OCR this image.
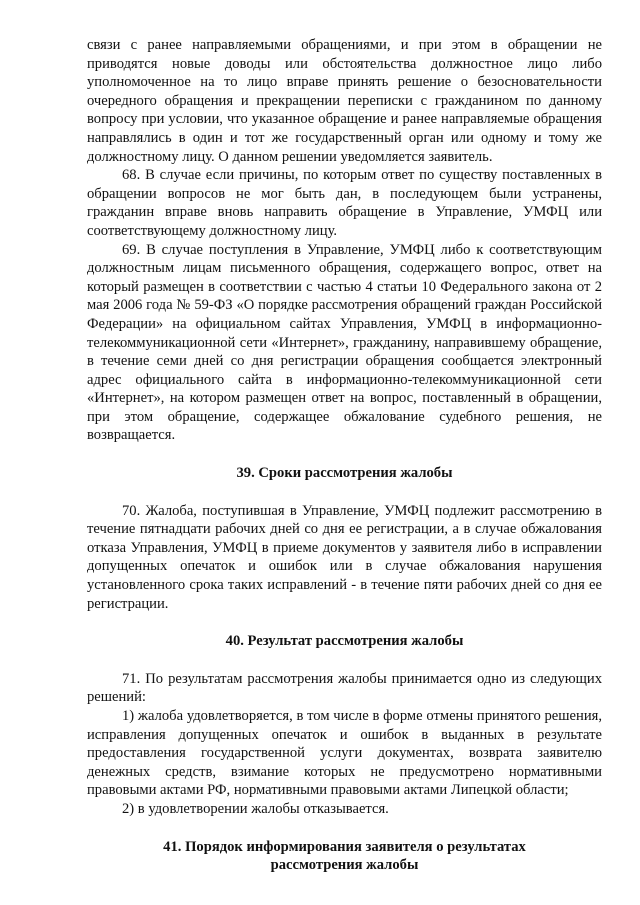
связи с ранее направляемыми обращениями, и при этом в обращении не приводятся новые доводы или обстоятельства должностное лицо либо уполномоченное на то лицо вправе принять решение о безосновательности очередного обращения и прекращении переписки с гражданином по данному вопросу при условии, что указанное обращение и ранее направляемые обращения направлялись в один и тот же государственный орган или одному и тому же должностному лицу. О данном решении уведомляется заявитель.

68. В случае если причины, по которым ответ по существу поставленных в обращении вопросов не мог быть дан, в последующем были устранены, гражданин вправе вновь направить обращение в Управление, УМФЦ или соответствующему должностному лицу.

69. В случае поступления в Управление, УМФЦ либо к соответствующим должностным лицам письменного обращения, содержащего вопрос, ответ на который размещен в соответствии с частью 4 статьи 10 Федерального закона от 2 мая 2006 года № 59-ФЗ «О порядке рассмотрения обращений граждан Российской Федерации» на официальном сайтах Управления, УМФЦ в информационно-телекоммуникационной сети «Интернет», гражданину, направившему обращение, в течение семи дней со дня регистрации обращения сообщается электронный адрес официального сайта в информационно-телекоммуникационной сети «Интернет», на котором размещен ответ на вопрос, поставленный в обращении, при этом обращение, содержащее обжалование судебного решения, не возвращается.

39. Сроки рассмотрения жалобы

70. Жалоба, поступившая в Управление, УМФЦ подлежит рассмотрению в течение пятнадцати рабочих дней со дня ее регистрации, а в случае обжалования отказа Управления, УМФЦ в приеме документов у заявителя либо в исправлении допущенных опечаток и ошибок или в случае обжалования нарушения установленного срока таких исправлений - в течение пяти рабочих дней со дня ее регистрации.

40. Результат рассмотрения жалобы

71. По результатам рассмотрения жалобы принимается одно из следующих решений:

1) жалоба удовлетворяется, в том числе в форме отмены принятого решения, исправления допущенных опечаток и ошибок в выданных в результате предоставления государственной услуги документах, возврата заявителю денежных средств, взимание которых не предусмотрено нормативными правовыми актами РФ, нормативными правовыми актами Липецкой области;

2) в удовлетворении жалобы отказывается.

41. Порядок информирования заявителя о результатах
рассмотрения жалобы
